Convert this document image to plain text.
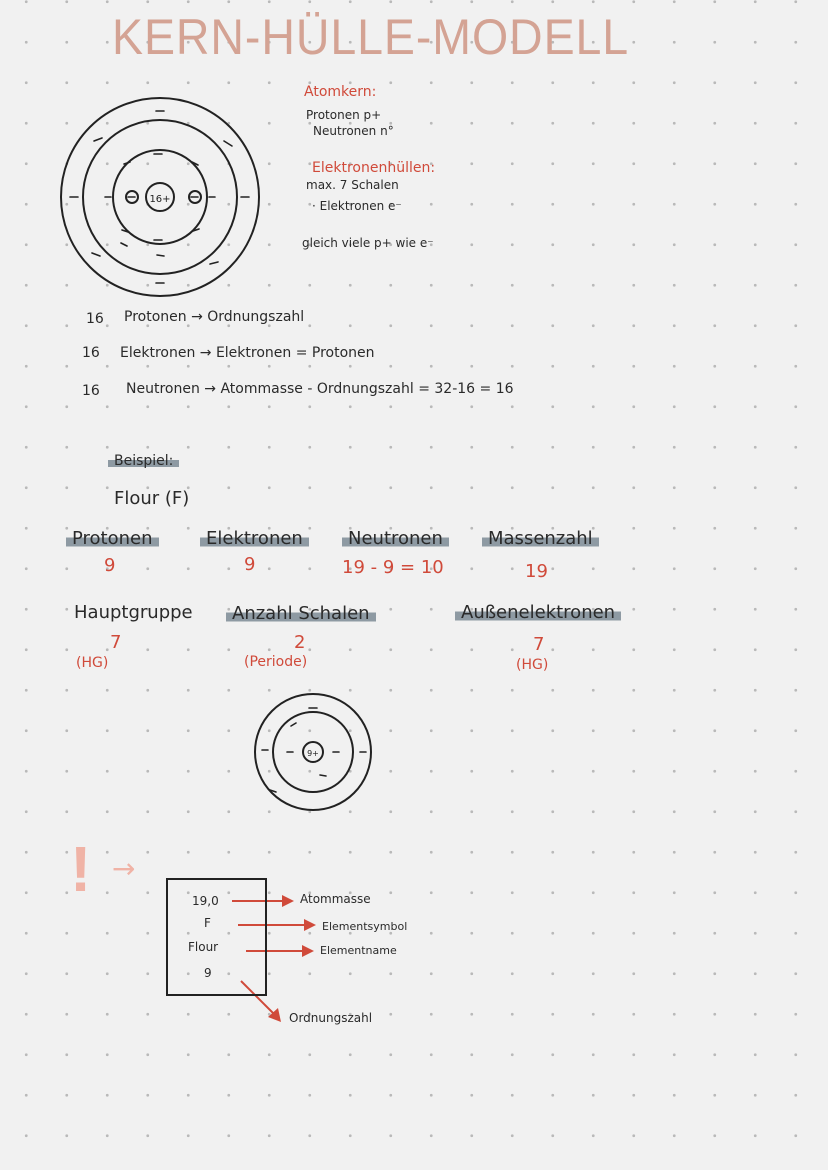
KERN-HÜLLE-MODELL
16+
9+
Atomkern:
Protonen p+
Neutronen n°
Elektronenhüllen:
max. 7 Schalen
· Elektronen e⁻
gleich viele p+ wie e⁻
16 Protonen → Ordnungszahl
16 Elektronen → Elektronen = Protonen
16 Neutronen → Atommasse - Ordnungszahl = 32-16 = 16
Beispiel:
Flour (F)
Protonen	Elektronen	Neutronen	Massenzahl
9	9	19 - 9 = 10	19
Hauptgruppe	Anzahl Schalen	Außenelektronen
7	2	7
(HG)	(Periode)	(HG)
! →
19,0
F
Flour
9
Atommasse
Elementsymbol
Elementname
Ordnungszahl
